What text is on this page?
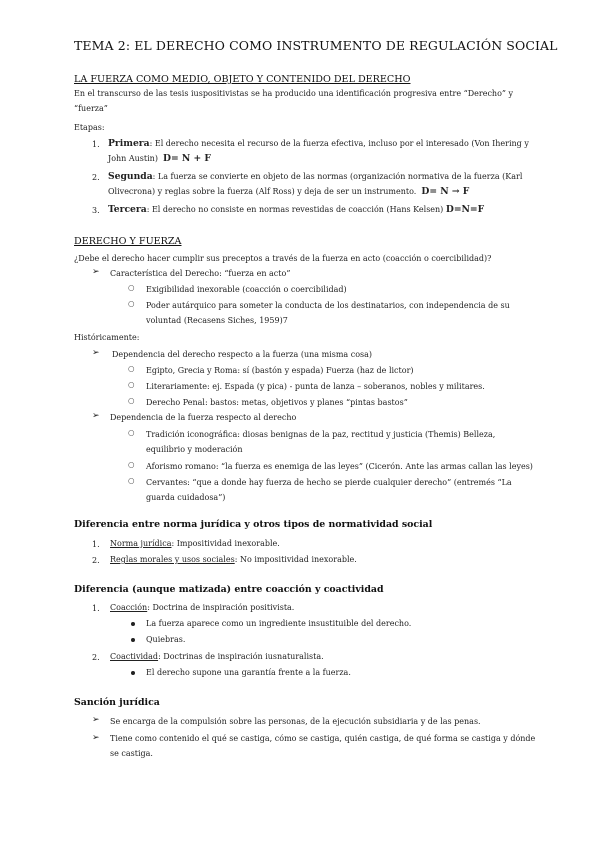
TEMA 2: EL DERECHO COMO INSTRUMENTO DE REGULACIÓN SOCIAL
LA FUERZA COMO MEDIO, OBJETO Y CONTENIDO DEL DERECHO
En el transcurso de las tesis iuspositivistas se ha producido una identificación progresiva entre “Derecho” y
“fuerza”
Etapas:
1. Primera: El derecho necesita el recurso de la fuerza efectiva, incluso por el interesado (Von Ihering y
John Austin) D= N + F
2. Segunda: La fuerza se convierte en objeto de las normas (organización normativa de la fuerza (Karl
Olivecrona) y reglas sobre la fuerza (Alf Ross) y deja de ser un instrumento. D= N → F
3. Tercera: El derecho no consiste en normas revestidas de coacción (Hans Kelsen) D=N=F
DERECHO Y FUERZA
¿Debe el derecho hacer cumplir sus preceptos a través de la fuerza en acto (coacción o coercibilidad)?
➢ Característica del Derecho: “fuerza en acto”
○ Exigibilidad inexorable (coacción o coercibilidad)
○ Poder autárquico para someter la conducta de los destinatarios, con independencia de su
voluntad (Recasens Siches, 1959)7
Históricamente:
➢ Dependencia del derecho respecto a la fuerza (una misma cosa)
○ Egipto, Grecia y Roma: sí (bastón y espada) Fuerza (haz de lictor)
○ Literariamente: ej. Espada (y pica) - punta de lanza – soberanos, nobles y militares.
○ Derecho Penal: bastos: metas, objetivos y planes “pintas bastos”
➢ Dependencia de la fuerza respecto al derecho
○ Tradición iconográfica: diosas benignas de la paz, rectitud y justicia (Themis) Belleza,
equilibrio y moderación
○ Aforismo romano: “la fuerza es enemiga de las leyes” (Cicerón. Ante las armas callan las leyes)
○ Cervantes: “que a donde hay fuerza de hecho se pierde cualquier derecho” (entremés “La
guarda cuidadosa”)
Diferencia entre norma jurídica y otros tipos de normatividad social
1. Norma jurídica: Impositividad inexorable.
2. Reglas morales y usos sociales: No impositividad inexorable.
Diferencia (aunque matizada) entre coacción y coactividad
1. Coacción: Doctrina de inspiración positivista.
La fuerza aparece como un ingrediente insustituible del derecho.
Quiebras.
2. Coactividad: Doctrinas de inspiración iusnaturalista.
El derecho supone una garantía frente a la fuerza.
Sanción jurídica
➢ Se encarga de la compulsión sobre las personas, de la ejecución subsidiaria y de las penas.
➢ Tiene como contenido el qué se castiga, cómo se castiga, quién castiga, de qué forma se castiga y dónde
se castiga.
